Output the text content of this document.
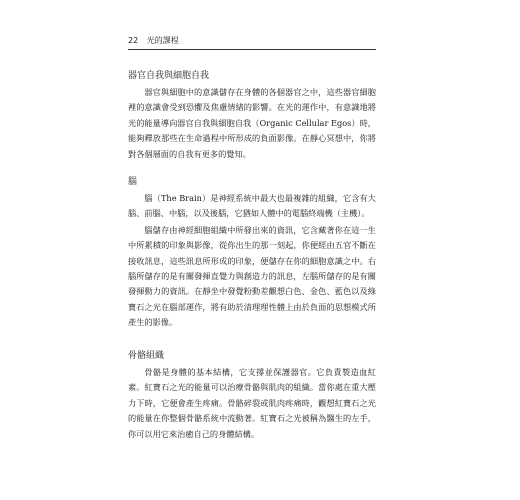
22 光的課程
器官自我與細胞自我

器官與細胞中的意識儲存在身體的各個器官之中，這些器官細胞裡的意識會受到恐懼及焦慮情緒的影響。在光的運作中，有意識地將光的能量導向器官自我與細胞自我（Organic Cellular Egos）時，能夠釋放那些在生命過程中所形成的負面影像。在靜心冥想中，你將對各個層面的自我有更多的覺知。

腦

腦（The Brain）是神經系統中最大也最複雜的組織，它含有大腦、前腦、中腦，以及後腦，它猶如人體中的電腦終端機（主機）。

腦儲存由神經細胞組織中所發出來的資訊，它含藏著你在這一生中所累積的印象與影像，從你出生的那一刻起，你便經由五官不斷在接收訊息，這些訊息所形成的印象，便儲存在你的細胞意識之中。右腦所儲存的是有關發揮直覺力與創造力的訊息，左腦所儲存的是有關發揮動力的資訊。在靜坐中發覺粉動差觀想白色、金色、藍色以及綠寶石之光在腦部運作，將有助於清理理性體上由於負面的思想模式所產生的影像。

骨骼組織

骨骼是身體的基本結構，它支撐並保護器官。它負責製造血紅素。紅寶石之光的能量可以治療骨骼與肌肉的組織。當你處在重大壓力下時，它便會產生疼痛。骨骼碎裂或肌肉疼痛時，觀想紅寶石之光的能量在你整個骨骼系統中流動著。紅寶石之光被稱為醫生的左手，你可以用它來治癒自己的身體結構。
